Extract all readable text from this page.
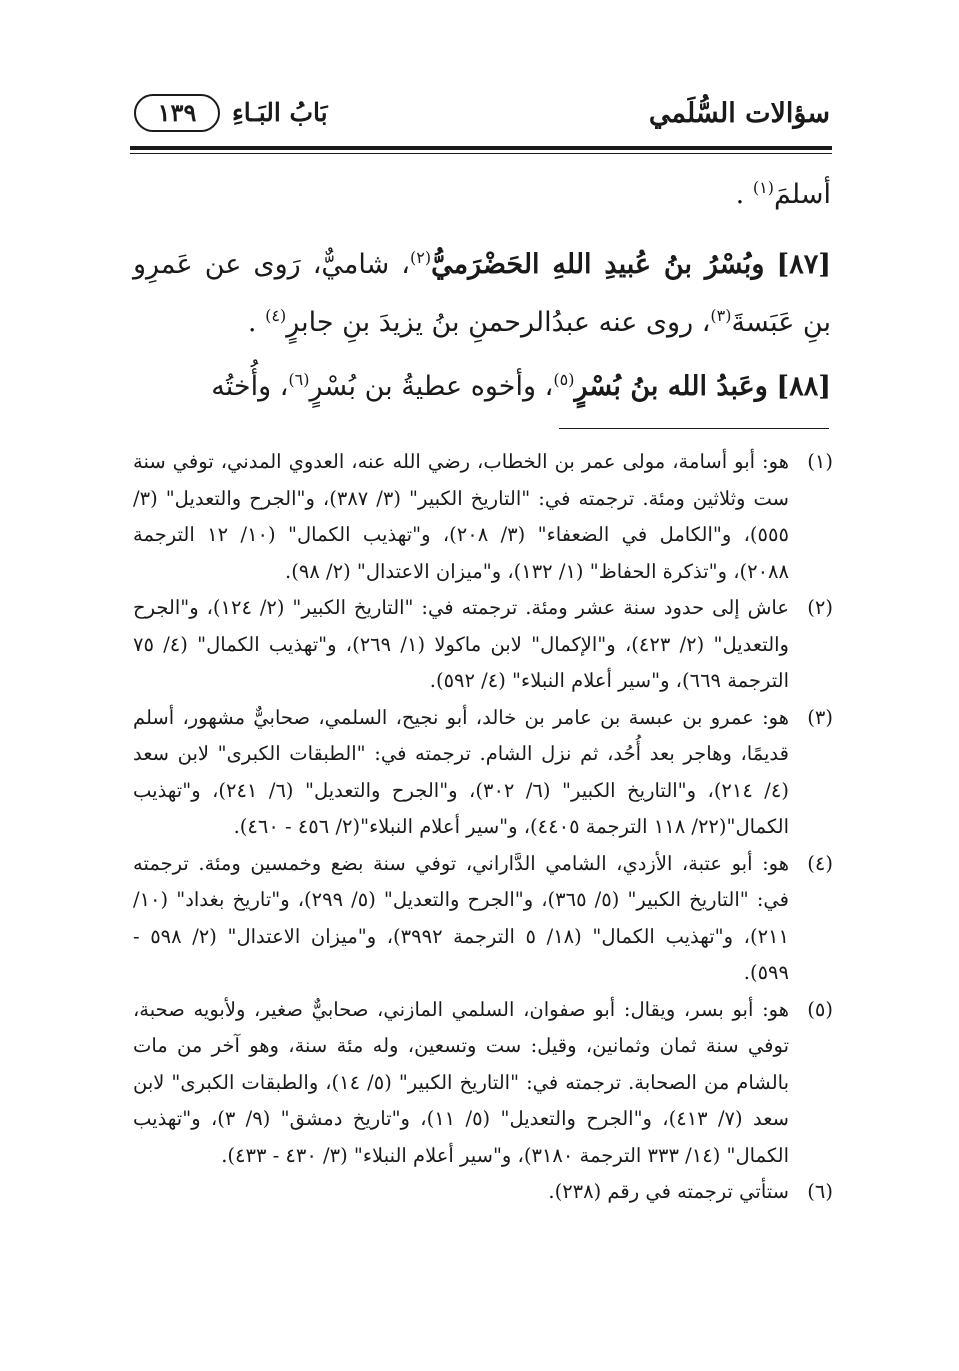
سؤالات السُّلَمي
بَابُ البَـاءِ
١٣٩

أسلمَ$^{(١)}$ .

[٨٧] وبُسْرُ بنُ عُبيدِ اللهِ الحَضْرَميُّ$^{(٢)}$، شاميٌّ، رَوى عن عَمرِو بنِ عَبَسةَ$^{(٣)}$، روى عنه عبدُالرحمنِ بنُ يزيدَ بنِ جابرٍ$^{(٤)}$ .

[٨٨] وعَبدُ الله بنُ بُسْرٍ$^{(٥)}$، وأخوه عطيةُ بن بُسْرٍ$^{(٦)}$، وأُختُه

(١)
هو: أبو أسامة، مولى عمر بن الخطاب، رضي الله عنه، العدوي المدني، توفي سنة ست وثلاثين ومئة. ترجمته في: "التاريخ الكبير" (٣/ ٣٨٧)، و"الجرح والتعديل" (٣/ ٥٥٥)، و"الكامل في الضعفاء" (٣/ ٢٠٨)، و"تهذيب الكمال" (١٠/ ١٢ الترجمة ٢٠٨٨)، و"تذكرة الحفاظ" (١/ ١٣٢)، و"ميزان الاعتدال" (٢/ ٩٨).
(٢)
عاش إلى حدود سنة عشر ومئة. ترجمته في: "التاريخ الكبير" (٢/ ١٢٤)، و"الجرح والتعديل" (٢/ ٤٢٣)، و"الإكمال" لابن ماكولا (١/ ٢٦٩)، و"تهذيب الكمال" (٤/ ٧٥ الترجمة ٦٦٩)، و"سير أعلام النبلاء" (٤/ ٥٩٢).
(٣)
هو: عمرو بن عبسة بن عامر بن خالد، أبو نجيح، السلمي، صحابيٌّ مشهور، أسلم قديمًا، وهاجر بعد أُحُد، ثم نزل الشام. ترجمته في: "الطبقات الكبرى" لابن سعد (٤/ ٢١٤)، و"التاريخ الكبير" (٦/ ٣٠٢)، و"الجرح والتعديل" (٦/ ٢٤١)، و"تهذيب الكمال"(٢٢/ ١١٨ الترجمة ٤٤٠٥)، و"سير أعلام النبلاء"(٢/ ٤٥٦ - ٤٦٠).
(٤)
هو: أبو عتبة، الأزدي، الشامي الدَّاراني، توفي سنة بضع وخمسين ومئة. ترجمته في: "التاريخ الكبير" (٥/ ٣٦٥)، و"الجرح والتعديل" (٥/ ٢٩٩)، و"تاريخ بغداد" (١٠/ ٢١١)، و"تهذيب الكمال" (١٨/ ٥ الترجمة ٣٩٩٢)، و"ميزان الاعتدال" (٢/ ٥٩٨ - ٥٩٩).
(٥)
هو: أبو بسر، ويقال: أبو صفوان، السلمي المازني، صحابيٌّ صغير، ولأبويه صحبة، توفي سنة ثمان وثمانين، وقيل: ست وتسعين، وله مئة سنة، وهو آخر من مات بالشام من الصحابة. ترجمته في: "التاريخ الكبير" (٥/ ١٤)، والطبقات الكبرى" لابن سعد (٧/ ٤١٣)، و"الجرح والتعديل" (٥/ ١١)، و"تاريخ دمشق" (٩/ ٣)، و"تهذيب الكمال" (١٤/ ٣٣٣ الترجمة ٣١٨٠)، و"سير أعلام النبلاء" (٣/ ٤٣٠ - ٤٣٣).
(٦)
ستأتي ترجمته في رقم (٢٣٨).
